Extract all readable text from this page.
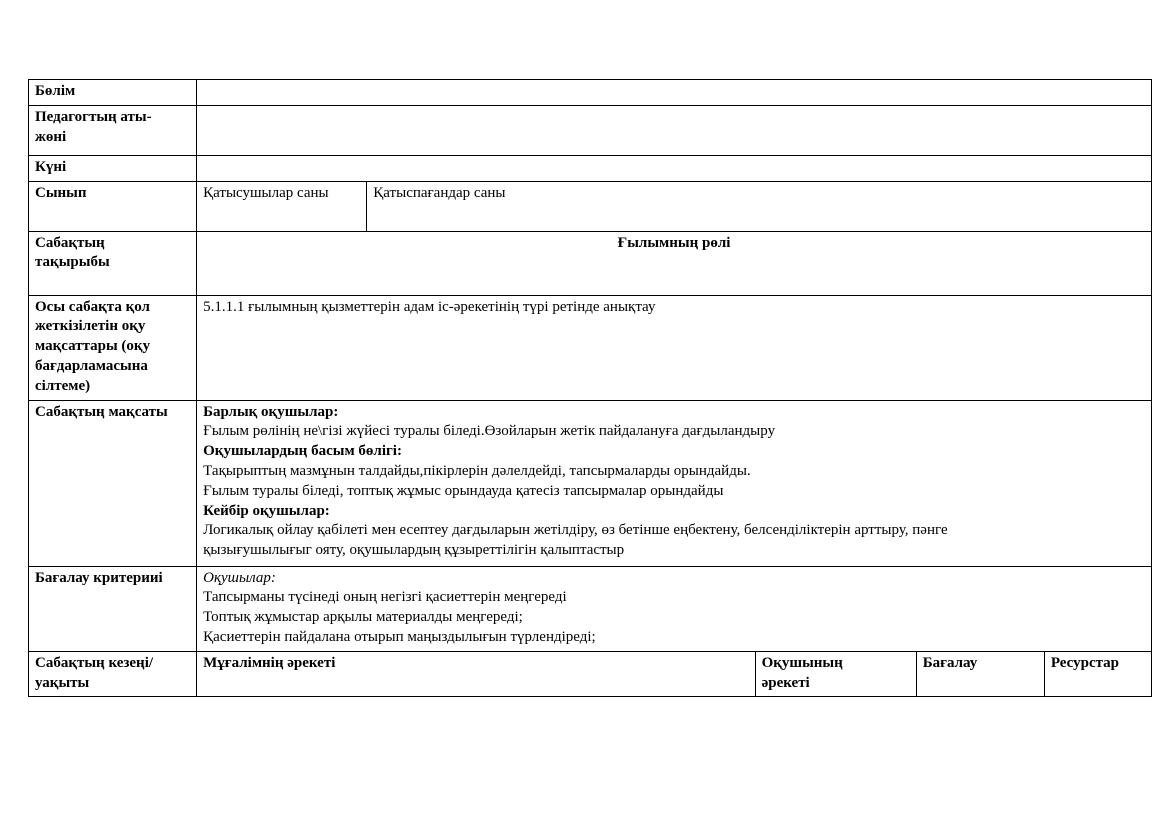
Бөлім					

Педагогтың аты-
жөні					

Күні					
Сынып	Қатысушылар саны	Қатыспағандар саны			

Сабақтың
тақырыбы	Ғылымның рөлі				

Осы сабақта қол
жеткізілетін оқу
мақсаттары (оқу
бағдарламасына
сілтеме)	5.1.1.1 ғылымның қызметтерін адам іс-әрекетінің түрі ретінде анықтау				
Сабақтың мақсаты	Барлық оқушылар:
Ғылым рөлінің не\гізі жүйесі туралы біледі.Өзойларын жетік пайдалануға дағдыландыру
Оқушылардың басым бөлігі:
Тақырыптың мазмұнын талдайды,пікірлерін дәлелдейді, тапсырмаларды орындайды.
Ғылым туралы біледі, топтық жұмыс орындауда қатесіз тапсырмалар орындайды
Кейбір оқушылар:
Логикалық ойлау қабілеті мен есептеу дағдыларын жетілдіру, өз бетінше еңбектену, белсенділіктерін арттыру, пәнге
қызығушылығыг ояту, оқушылардың құзыреттілігін қалыптастыр

Бағалау критерииі	Оқушылар:
Тапсырманы түсінеді оның негізгі қасиеттерін меңгереді
Топтық жұмыстар арқылы материалды меңгереді;
Қасиеттерін пайдалана отырып маңыздылығын түрлендіреді;				

Сабақтың кезеңі/
уақыты	Мұғалімнің әрекеті		Оқушының
әрекеті	Бағалау	Ресурстар
